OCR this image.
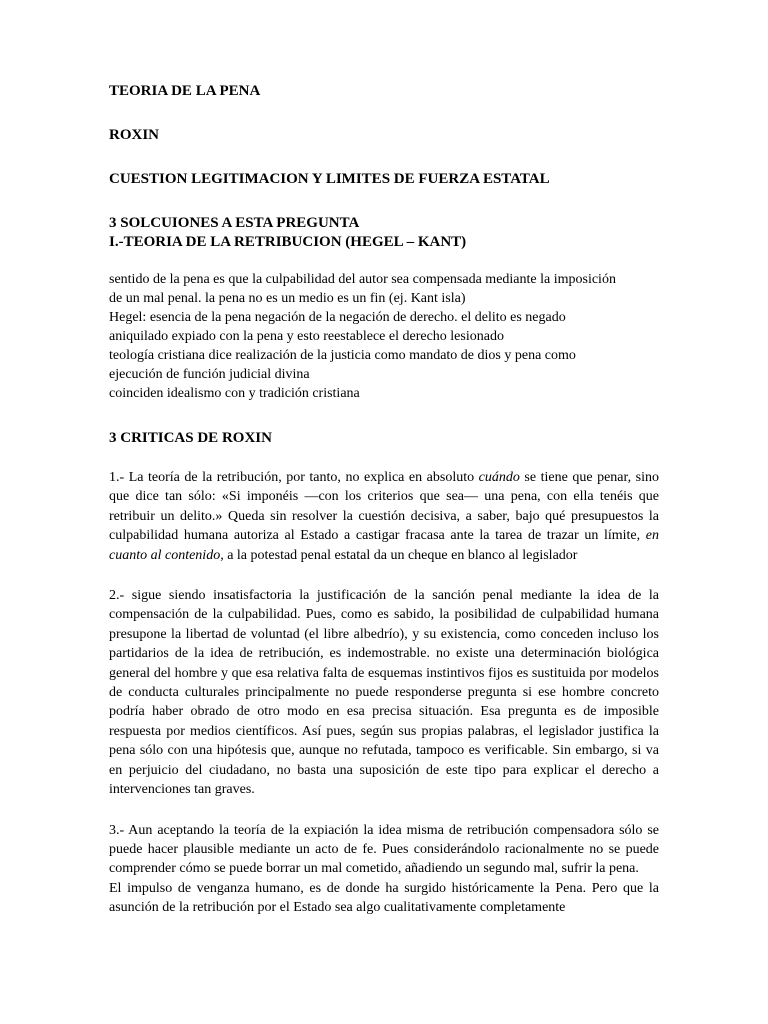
TEORIA DE LA PENA

ROXIN

CUESTION LEGITIMACION Y LIMITES DE FUERZA ESTATAL

3 SOLCUIONES A ESTA PREGUNTA

I.-TEORIA DE LA RETRIBUCION (HEGEL – KANT)

sentido de la pena es que la culpabilidad del autor sea compensada mediante la imposición
de un mal penal. la pena no es un medio es un fin (ej. Kant isla)
Hegel: esencia de la pena negación de la negación de derecho. el delito es negado
aniquilado expiado con la pena y esto reestablece el derecho lesionado
teología cristiana dice realización de la justicia como mandato de dios y pena como
ejecución de función judicial divina
coinciden idealismo con y tradición cristiana

3 CRITICAS DE ROXIN

1.- La teoría de la retribución, por tanto, no explica en absoluto cuándo se tiene que penar, sino que dice tan sólo: «Si imponéis —con los criterios que sea— una pena, con ella tenéis que retribuir un delito.» Queda sin resolver la cuestión decisiva, a saber, bajo qué presupuestos la culpabilidad humana autoriza al Estado a castigar fracasa ante la tarea de trazar un límite, en cuanto al contenido, a la potestad penal estatal da un cheque en blanco al legislador

2.- sigue siendo insatisfactoria la justificación de la sanción penal mediante la idea de la compensación de la culpabilidad. Pues, como es sabido, la posibilidad de culpabilidad humana presupone la libertad de voluntad (el libre albedrío), y su existencia, como conceden incluso los partidarios de la idea de retribución, es indemostrable. no existe una determinación biológica general del hombre y que esa relativa falta de esquemas instintivos fijos es sustituida por modelos de conducta culturales principalmente no puede responderse pregunta si ese hombre concreto podría haber obrado de otro modo en esa precisa situación. Esa pregunta es de imposible respuesta por medios científicos. Así pues, según sus propias palabras, el legislador justifica la pena sólo con una hipótesis que, aunque no refutada, tampoco es verificable. Sin embargo, si va en perjuicio del ciudadano, no basta una suposición de este tipo para explicar el derecho a intervenciones tan graves.

3.- Aun aceptando la teoría de la expiación la idea misma de retribución compensadora sólo se puede hacer plausible mediante un acto de fe. Pues considerándolo racionalmente no se puede comprender cómo se puede borrar un mal cometido, añadiendo un segundo mal, sufrir la pena.
El impulso de venganza humano, es de donde ha surgido históricamente la Pena. Pero que la asunción de la retribución por el Estado sea algo cualitativamente completamente
